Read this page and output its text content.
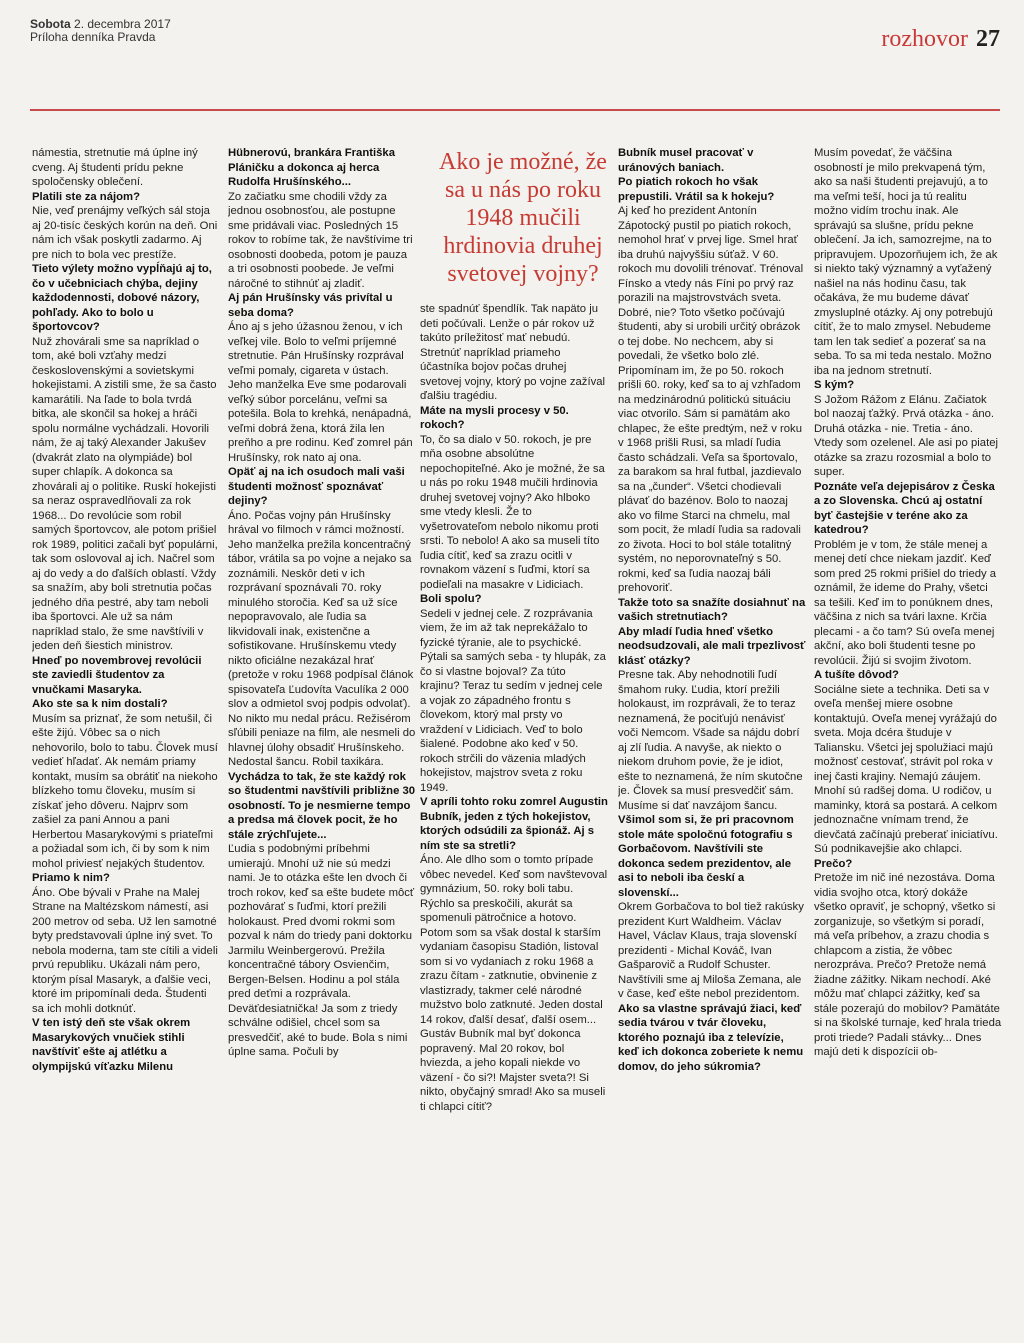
Sobota 2. decembra 2017
Príloha denníka Pravda	rozhovor 27

námestia, stretnutie má úplne iný cveng. Aj študenti prídu pekne spoločensky oblečení.

Platili ste za nájom?

Nie, veď prenájmy veľkých sál stoja aj 20-tisíc českých korún na deň. Oni nám ich však poskytli zadarmo. Aj pre nich to bola vec prestíže.

Tieto výlety možno vypĺňajú aj to, čo v učebniciach chýba, dejiny každodennosti, dobové názory, pohľady. Ako to bolo u športovcov?

Nuž zhovárali sme sa napríklad o tom, aké boli vzťahy medzi československými a sovietskymi hokejistami. A zistili sme, že sa často kamarátili. Na ľade to bola tvrdá bitka, ale skončil sa hokej a hráči spolu normálne vychádzali. Hovorili nám, že aj taký Alexander Jakušev (dvakrát zlato na olympiáde) bol super chlapík. A dokonca sa zhovárali aj o politike. Ruskí hokejisti sa neraz ospravedlňovali za rok 1968... Do revolúcie som robil samých športovcov, ale potom prišiel rok 1989, politici začali byť populárni, tak som oslovoval aj ich. Načrel som aj do vedy a do ďalších oblastí. Vždy sa snažím, aby boli stretnutia počas jedného dňa pestré, aby tam neboli iba športovci. Ale už sa nám napríklad stalo, že sme navštívili v jeden deň šiestich ministrov.

Hneď po novembrovej revolúcii ste zaviedli študentov za vnučkami Masaryka.

Ako ste sa k nim dostali?

Musím sa priznať, že som netušil, či ešte žijú. Vôbec sa o nich nehovorilo, bolo to tabu. Človek musí vedieť hľadať. Ak nemám priamy kontakt, musím sa obrátiť na niekoho blízkeho tomu človeku, musím si získať jeho dôveru. Najprv som zašiel za pani Annou a pani Herbertou Masarykovými s priateľmi a požiadal som ich, či by som k nim mohol priviesť nejakých študentov.

Priamo k nim?

Áno. Obe bývali v Prahe na Malej Strane na Maltézskom námestí, asi 200 metrov od seba. Už len samotné byty predstavovali úplne iný svet. To nebola moderna, tam ste cítili a videli prvú republiku. Ukázali nám pero, ktorým písal Masaryk, a ďalšie veci, ktoré im pripomínali deda. Študenti sa ich mohli dotknúť.

V ten istý deň ste však okrem Masarykových vnučiek stihli navštíviť ešte aj atlétku a olympijskú víťazku Milenu

Hübnerovú, brankára Františka Pláničku a dokonca aj herca Rudolfa Hrušínského...

Zo začiatku sme chodili vždy za jednou osobnosťou, ale postupne sme pridávali viac. Posledných 15 rokov to robíme tak, že navštívime tri osobnosti doobeda, potom je pauza a tri osobnosti poobede. Je veľmi náročné to stihnúť aj zladiť.

Aj pán Hrušínsky vás privítal u seba doma?

Áno aj s jeho úžasnou ženou, v ich veľkej vile. Bolo to veľmi príjemné stretnutie. Pán Hrušínsky rozprával veľmi pomaly, cigareta v ústach. Jeho manželka Eve sme podarovali veľký súbor porcelánu, veľmi sa potešila. Bola to krehká, nenápadná, veľmi dobrá žena, ktorá žila len preňho a pre rodinu. Keď zomrel pán Hrušínsky, rok nato aj ona.

Opäť aj na ich osudoch mali vaši študenti možnosť spoznávať dejiny?

Áno. Počas vojny pán Hrušínsky hrával vo filmoch v rámci možností. Jeho manželka prežila koncentračný tábor, vrátila sa po vojne a nejako sa zoznámili. Neskôr deti v ich rozprávaní spoznávali 70. roky minulého storočia. Keď sa už síce nepopravovalo, ale ľudia sa likvidovali inak, existenčne a sofistikovane. Hrušínskemu vtedy nikto oficiálne nezakázal hrať (pretože v roku 1968 podpísal článok spisovateľa Ľudovíta Vaculíka 2 000 slov a odmietol svoj podpis odvolať). No nikto mu nedal prácu. Režisérom sľúbili peniaze na film, ale nesmeli do hlavnej úlohy obsadiť Hrušínskeho. Nedostal šancu. Robil taxikára.

Vychádza to tak, že ste každý rok so študentmi navštívili približne 30 osobností. To je nesmierne tempo a predsa má človek pocit, že ho stále zrýchľujete...

Ľudia s podobnými príbehmi umierajú. Mnohí už nie sú medzi nami. Je to otázka ešte len dvoch či troch rokov, keď sa ešte budete môcť pozhovárať s ľuďmi, ktorí prežili holokaust. Pred dvomi rokmi som pozval k nám do triedy pani doktorku Jarmilu Weinbergerovú. Prežila koncentračné tábory Osvienčim, Bergen-Belsen. Hodinu a pol stála pred deťmi a rozprávala. Deväťdesiatnička! Ja som z triedy schválne odišiel, chcel som sa presvedčiť, aké to bude. Bola s nimi úplne sama. Počuli by

Ako je možné, že sa u nás po roku 1948 mučili hrdinovia druhej svetovej vojny?

ste spadnúť špendlík. Tak napäto ju deti počúvali. Lenže o pár rokov už takúto príležitosť mať nebudú. Stretnúť napríklad priameho účastníka bojov počas druhej svetovej vojny, ktorý po vojne zažíval ďalšiu tragédiu.

Máte na mysli procesy v 50. rokoch?

To, čo sa dialo v 50. rokoch, je pre mňa osobne absolútne nepochopiteľné. Ako je možné, že sa u nás po roku 1948 mučili hrdinovia druhej svetovej vojny? Ako hlboko sme vtedy klesli. Že to vyšetrovateľom nebolo nikomu proti srsti. To nebolo! A ako sa museli títo ľudia cítiť, keď sa zrazu ocitli v rovnakom väzení s ľuďmi, ktorí sa podieľali na masakre v Lidiciach.

Boli spolu?

Sedeli v jednej cele. Z rozprávania viem, že im až tak neprekážalo to fyzické týranie, ale to psychické. Pýtali sa samých seba - ty hlupák, za čo si vlastne bojoval? Za túto krajinu? Teraz tu sedím v jednej cele a vojak zo západného frontu s človekom, ktorý mal prsty vo vraždení v Lidiciach. Veď to bolo šialené. Podobne ako keď v 50. rokoch strčili do väzenia mladých hokejistov, majstrov sveta z roku 1949.

V apríli tohto roku zomrel Augustin Bubník, jeden z tých hokejistov, ktorých odsúdili za špionáž. Aj s ním ste sa stretli?

Áno. Ale dlho som o tomto prípade vôbec nevedel. Keď som navštevoval gymnázium, 50. roky boli tabu. Rýchlo sa preskočili, akurát sa spomenuli pätročnice a hotovo. Potom som sa však dostal k starším vydaniam časopisu Stadión, listoval som si vo vydaniach z roku 1968 a zrazu čítam - zatknutie, obvinenie z vlastizrady, takmer celé národné mužstvo bolo zatknuté. Jeden dostal 14 rokov, ďalší desať, ďalší osem... Gustáv Bubník mal byť dokonca popravený. Mal 20 rokov, bol hviezda, a jeho kopali niekde vo väzení - čo si?! Majster sveta?! Si nikto, obyčajný smrad! Ako sa museli ti chlapci cítiť?

Bubník musel pracovať v uránových baniach.

Po piatich rokoch ho však prepustili. Vrátil sa k hokeju?

Aj keď ho prezident Antonín Zápotocký pustil po piatich rokoch, nemohol hrať v prvej lige. Smel hrať iba druhú najvyššiu súťaž. V 60. rokoch mu dovolili trénovať. Trénoval Fínsko a vtedy nás Fíni po prvý raz porazili na majstrovstvách sveta. Dobré, nie? Toto všetko počúvajú študenti, aby si urobili určitý obrázok o tej dobe. No nechcem, aby si povedali, že všetko bolo zlé. Pripomínam im, že po 50. rokoch prišli 60. roky, keď sa to aj vzhľadom na medzinárodnú politickú situáciu viac otvorilo. Sám si pamätám ako chlapec, že ešte predtým, než v roku v 1968 prišli Rusi, sa mladí ľudia často schádzali. Veľa sa športovalo, za barakom sa hral futbal, jazdievalo sa na „čunder“. Všetci chodievali plávať do bazénov. Bolo to naozaj ako vo filme Starci na chmelu, mal som pocit, že mladí ľudia sa radovali zo života. Hoci to bol stále totalitný systém, no neporovnateľný s 50. rokmi, keď sa ľudia naozaj báli prehovoriť.

Takže toto sa snažíte dosiahnuť na vašich stretnutiach?

Aby mladí ľudia hneď všetko neodsudzovali, ale mali trpezlivosť klásť otázky?

Presne tak. Aby nehodnotili ľudí šmahom ruky. Ľudia, ktorí prežili holokaust, im rozprávali, že to teraz neznamená, že pociťujú nenávisť voči Nemcom. Všade sa nájdu dobrí aj zlí ľudia. A navyše, ak niekto o niekom druhom povie, že je idiot, ešte to neznamená, že ním skutočne je. Človek sa musí presvedčiť sám. Musíme si dať navzájom šancu.

Všimol som si, že pri pracovnom stole máte spoločnú fotografiu s Gorbačovom. Navštívili ste dokonca sedem prezidentov, ale asi to neboli iba českí a slovenskí...

Okrem Gorbačova to bol tiež rakúsky prezident Kurt Waldheim. Václav Havel, Václav Klaus, traja slovenskí prezidenti - Michal Kováč, Ivan Gašparovič a Rudolf Schuster. Navštívili sme aj Miloša Zemana, ale v čase, keď ešte nebol prezidentom.

Ako sa vlastne správajú žiaci, keď sedia tvárou v tvár človeku, ktorého poznajú iba z televízie, keď ich dokonca zoberiete k nemu domov, do jeho súkromia?

Musím povedať, že väčšina osobností je milo prekvapená tým, ako sa naši študenti prejavujú, a to ma veľmi teší, hoci ja tú realitu možno vidím trochu inak. Ale správajú sa slušne, prídu pekne oblečení. Ja ich, samozrejme, na to pripravujem. Upozorňujem ich, že ak si niekto taký významný a vyťažený našiel na nás hodinu času, tak očakáva, že mu budeme dávať zmysluplné otázky. Aj ony potrebujú cítiť, že to malo zmysel. Nebudeme tam len tak sedieť a pozerať sa na seba. To sa mi teda nestalo. Možno iba na jednom stretnutí.

S kým?

S Jožom Rážom z Elánu. Začiatok bol naozaj ťažký. Prvá otázka - áno. Druhá otázka - nie. Tretia - áno. Vtedy som ozelenel. Ale asi po piatej otázke sa zrazu rozosmial a bolo to super.

Poznáte veľa dejepisárov z Česka a zo Slovenska. Chcú aj ostatní byť častejšie v teréne ako za katedrou?

Problém je v tom, že stále menej a menej detí chce niekam jazdiť. Keď som pred 25 rokmi prišiel do triedy a oznámil, že ideme do Prahy, všetci sa tešili. Keď im to ponúknem dnes, väčšina z nich sa tvári laxne. Krčia plecami - a čo tam? Sú oveľa menej akční, ako boli študenti tesne po revolúcii. Žijú si svojim životom.

A tušíte dôvod?

Sociálne siete a technika. Deti sa v oveľa menšej miere osobne kontaktujú. Oveľa menej vyrážajú do sveta. Moja dcéra študuje v Taliansku. Všetci jej spolužiaci majú možnosť cestovať, strávit pol roka v inej časti krajiny. Nemajú záujem. Mnohí sú radšej doma. U rodičov, u maminky, ktorá sa postará. A celkom jednoznačne vnímam trend, že dievčatá začínajú preberať iniciatívu. Sú podnikavejšie ako chlapci.

Prečo?

Pretože im nič iné nezostáva. Doma vidia svojho otca, ktorý dokáže všetko opraviť, je schopný, všetko si zorganizuje, so všetkým si poradí, má veľa príbehov, a zrazu chodia s chlapcom a zistia, že vôbec nerozpráva. Prečo? Pretože nemá žiadne zážitky. Nikam nechodí. Aké môžu mať chlapci zážitky, keď sa stále pozerajú do mobilov? Pamätáte si na školské turnaje, keď hrala trieda proti triede? Padali stávky... Dnes majú deti k dispozícii ob-
